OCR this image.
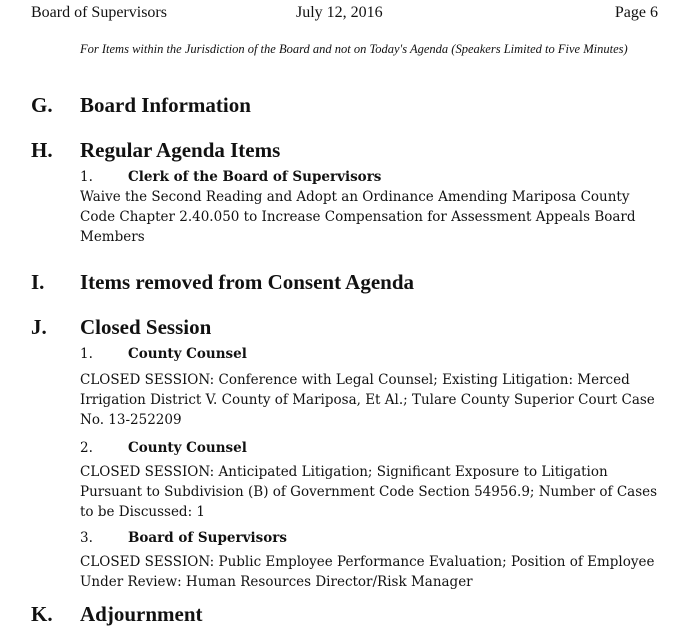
Board of Supervisors	July 12, 2016	Page 6
For Items within the Jurisdiction of the Board and not on Today's Agenda (Speakers Limited to Five Minutes)
G. Board Information
H. Regular Agenda Items
1.	Clerk of the Board of Supervisors
Waive the Second Reading and Adopt an Ordinance Amending Mariposa County Code Chapter 2.40.050 to Increase Compensation for Assessment Appeals Board Members
I. Items removed from Consent Agenda
J. Closed Session
1.	County Counsel
CLOSED SESSION: Conference with Legal Counsel; Existing Litigation: Merced Irrigation District V. County of Mariposa, Et Al.; Tulare County Superior Court Case No. 13-252209
2.	County Counsel
CLOSED SESSION: Anticipated Litigation; Significant Exposure to Litigation Pursuant to Subdivision (B) of Government Code Section 54956.9; Number of Cases to be Discussed: 1
3.	Board of Supervisors
CLOSED SESSION: Public Employee Performance Evaluation; Position of Employee Under Review: Human Resources Director/Risk Manager
K. Adjournment
